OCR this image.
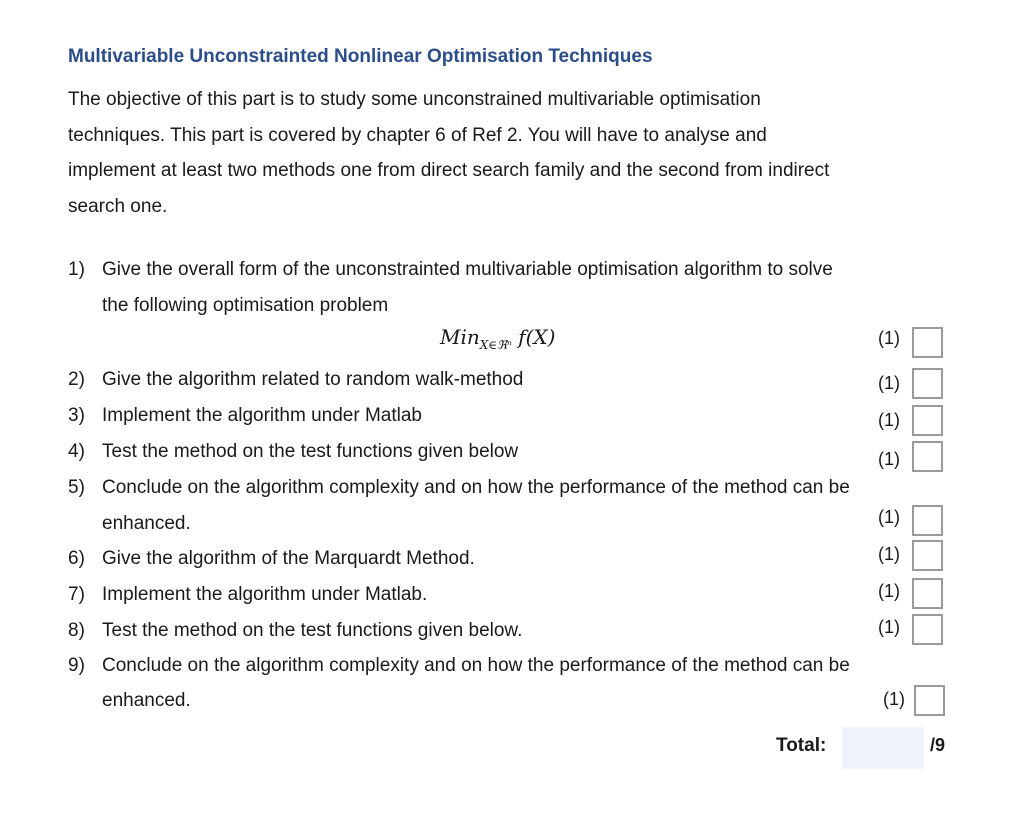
Multivariable Unconstrainted Nonlinear Optimisation Techniques
The objective of this part is to study some unconstrained multivariable optimisation
techniques. This part is covered by chapter 6 of Ref 2. You will have to analyse and
implement at least two methods one from direct search family and the second from indirect
search one.
1) Give the overall form of the unconstrainted multivariable optimisation algorithm to solve
the following optimisation problem
Min$_{X\in ℜ^n}$ f(X)	(1)
2) Give the algorithm related to random walk-method	(1)
3) Implement the algorithm under Matlab	(1)
4) Test the method on the test functions given below	(1)
5) Conclude on the algorithm complexity and on how the performance of the method can be
enhanced.	(1)
6) Give the algorithm of the Marquardt Method.	(1)
7) Implement the algorithm under Matlab.	(1)
8) Test the method on the test functions given below.	(1)
9) Conclude on the algorithm complexity and on how the performance of the method can be
enhanced.	(1)
Total:	/9
